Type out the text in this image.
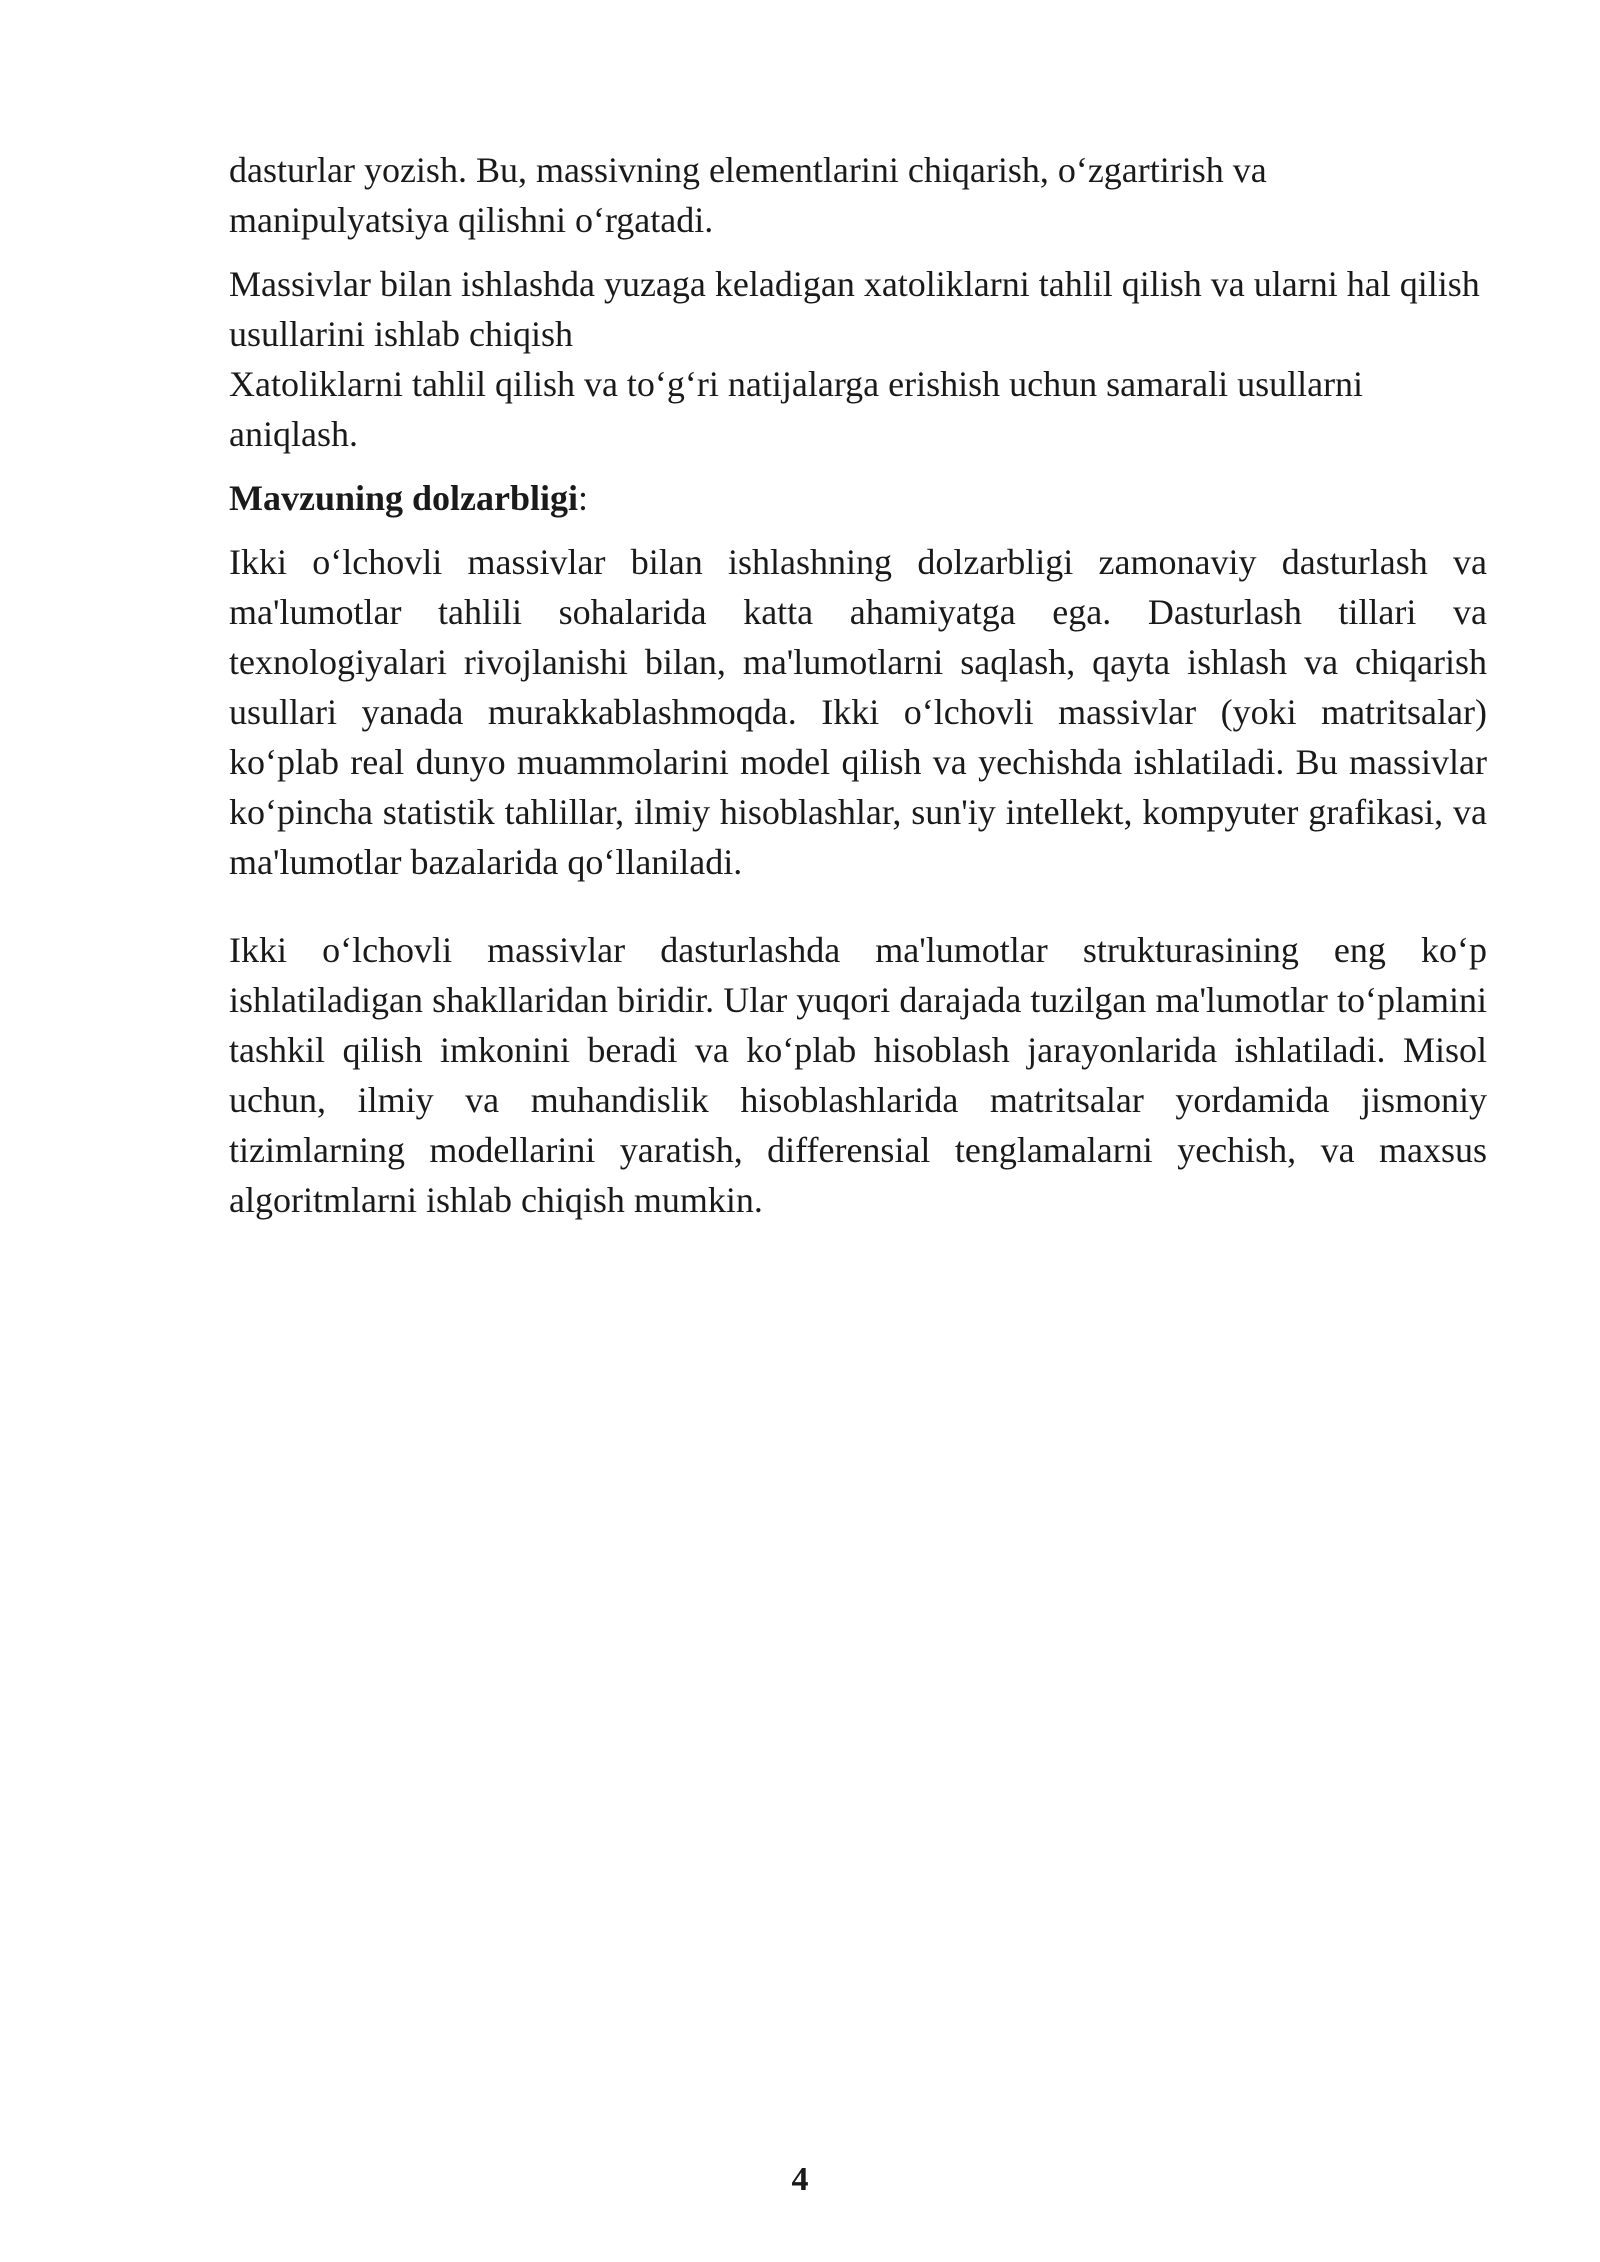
dasturlar yozish. Bu, massivning elementlarini chiqarish, o‘zgartirish va manipulyatsiya qilishni o‘rgatadi.

Massivlar bilan ishlashda yuzaga keladigan xatoliklarni tahlil qilish va ularni hal qilish usullarini ishlab chiqish
Xatoliklarni tahlil qilish va to‘g‘ri natijalarga erishish uchun samarali usullarni aniqlash.

Mavzuning dolzarbligi:

Ikki o‘lchovli massivlar bilan ishlashning dolzarbligi zamonaviy dasturlash va ma'lumotlar tahlili sohalarida katta ahamiyatga ega. Dasturlash tillari va texnologiyalari rivojlanishi bilan, ma'lumotlarni saqlash, qayta ishlash va chiqarish usullari yanada murakkablashmoqda. Ikki o‘lchovli massivlar (yoki matritsalar) ko‘plab real dunyo muammolarini model qilish va yechishda ishlatiladi. Bu massivlar ko‘pincha statistik tahlillar, ilmiy hisoblashlar, sun'iy intellekt, kompyuter grafikasi, va ma'lumotlar bazalarida qo‘llaniladi.

Ikki o‘lchovli massivlar dasturlashda ma'lumotlar strukturasining eng ko‘p ishlatiladigan shakllaridan biridir. Ular yuqori darajada tuzilgan ma'lumotlar to‘plamini tashkil qilish imkonini beradi va ko‘plab hisoblash jarayonlarida ishlatiladi. Misol uchun, ilmiy va muhandislik hisoblashlarida matritsalar yordamida jismoniy tizimlarning modellarini yaratish, differensial tenglamalarni yechish, va maxsus algoritmlarni ishlab chiqish mumkin.

4
